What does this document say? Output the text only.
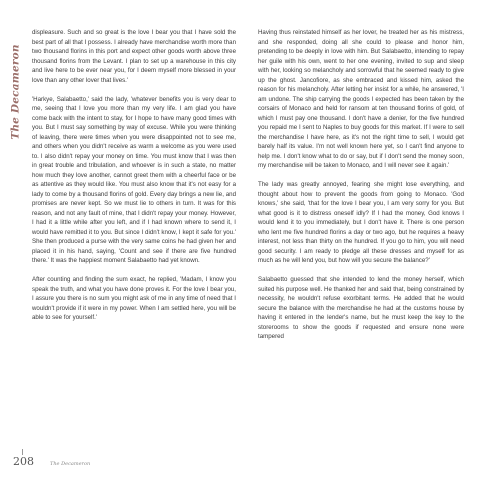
The Decameron

displeasure. Such and so great is the love I bear you that I have sold the best part of all that I possess. I already have merchandise worth more than two thousand florins in this port and expect other goods worth above three thousand florins from the Levant. I plan to set up a warehouse in this city and live here to be ever near you, for I deem myself more blessed in your love than any other lover that lives.'

'Harkye, Salabaetto,' said the lady, 'whatever benefits you is very dear to me, seeing that I love you more than my very life. I am glad you have come back with the intent to stay, for I hope to have many good times with you. But I must say something by way of excuse. While you were thinking of leaving, there were times when you were disappointed not to see me, and others when you didn't receive as warm a welcome as you were used to. I also didn't repay your money on time. You must know that I was then in great trouble and tribulation, and whoever is in such a state, no matter how much they love another, cannot greet them with a cheerful face or be as attentive as they would like. You must also know that it's not easy for a lady to come by a thousand florins of gold. Every day brings a new lie, and promises are never kept. So we must lie to others in turn. It was for this reason, and not any fault of mine, that I didn't repay your money. However, I had it a little while after you left, and if I had known where to send it, I would have remitted it to you. But since I didn't know, I kept it safe for you.' She then produced a purse with the very same coins he had given her and placed it in his hand, saying, 'Count and see if there are five hundred there.' It was the happiest moment Salabaetto had yet known.

After counting and finding the sum exact, he replied, 'Madam, I know you speak the truth, and what you have done proves it. For the love I bear you, I assure you there is no sum you might ask of me in any time of need that I wouldn't provide if it were in my power. When I am settled here, you will be able to see for yourself.'

Having thus reinstated himself as her lover, he treated her as his mistress, and she responded, doing all she could to please and honor him, pretending to be deeply in love with him. But Salabaetto, intending to repay her guile with his own, went to her one evening, invited to sup and sleep with her, looking so melancholy and sorrowful that he seemed ready to give up the ghost. Jancofiore, as she embraced and kissed him, asked the reason for his melancholy. After letting her insist for a while, he answered, 'I am undone. The ship carrying the goods I expected has been taken by the corsairs of Monaco and held for ransom at ten thousand florins of gold, of which I must pay one thousand. I don't have a denier, for the five hundred you repaid me I sent to Naples to buy goods for this market. If I were to sell the merchandise I have here, as it's not the right time to sell, I would get barely half its value. I'm not well known here yet, so I can't find anyone to help me. I don't know what to do or say, but if I don't send the money soon, my merchandise will be taken to Monaco, and I will never see it again.'

The lady was greatly annoyed, fearing she might lose everything, and thought about how to prevent the goods from going to Monaco. 'God knows,' she said, 'that for the love I bear you, I am very sorry for you. But what good is it to distress oneself idly? If I had the money, God knows I would lend it to you immediately, but I don't have it. There is one person who lent me five hundred florins a day or two ago, but he requires a heavy interest, not less than thirty on the hundred. If you go to him, you will need good security. I am ready to pledge all these dresses and myself for as much as he will lend you, but how will you secure the balance?'

Salabaetto guessed that she intended to lend the money herself, which suited his purpose well. He thanked her and said that, being constrained by necessity, he wouldn't refuse exorbitant terms. He added that he would secure the balance with the merchandise he had at the customs house by having it entered in the lender's name, but he must keep the key to the storerooms to show the goods if requested and ensure none were tampered

208	The Decameron
